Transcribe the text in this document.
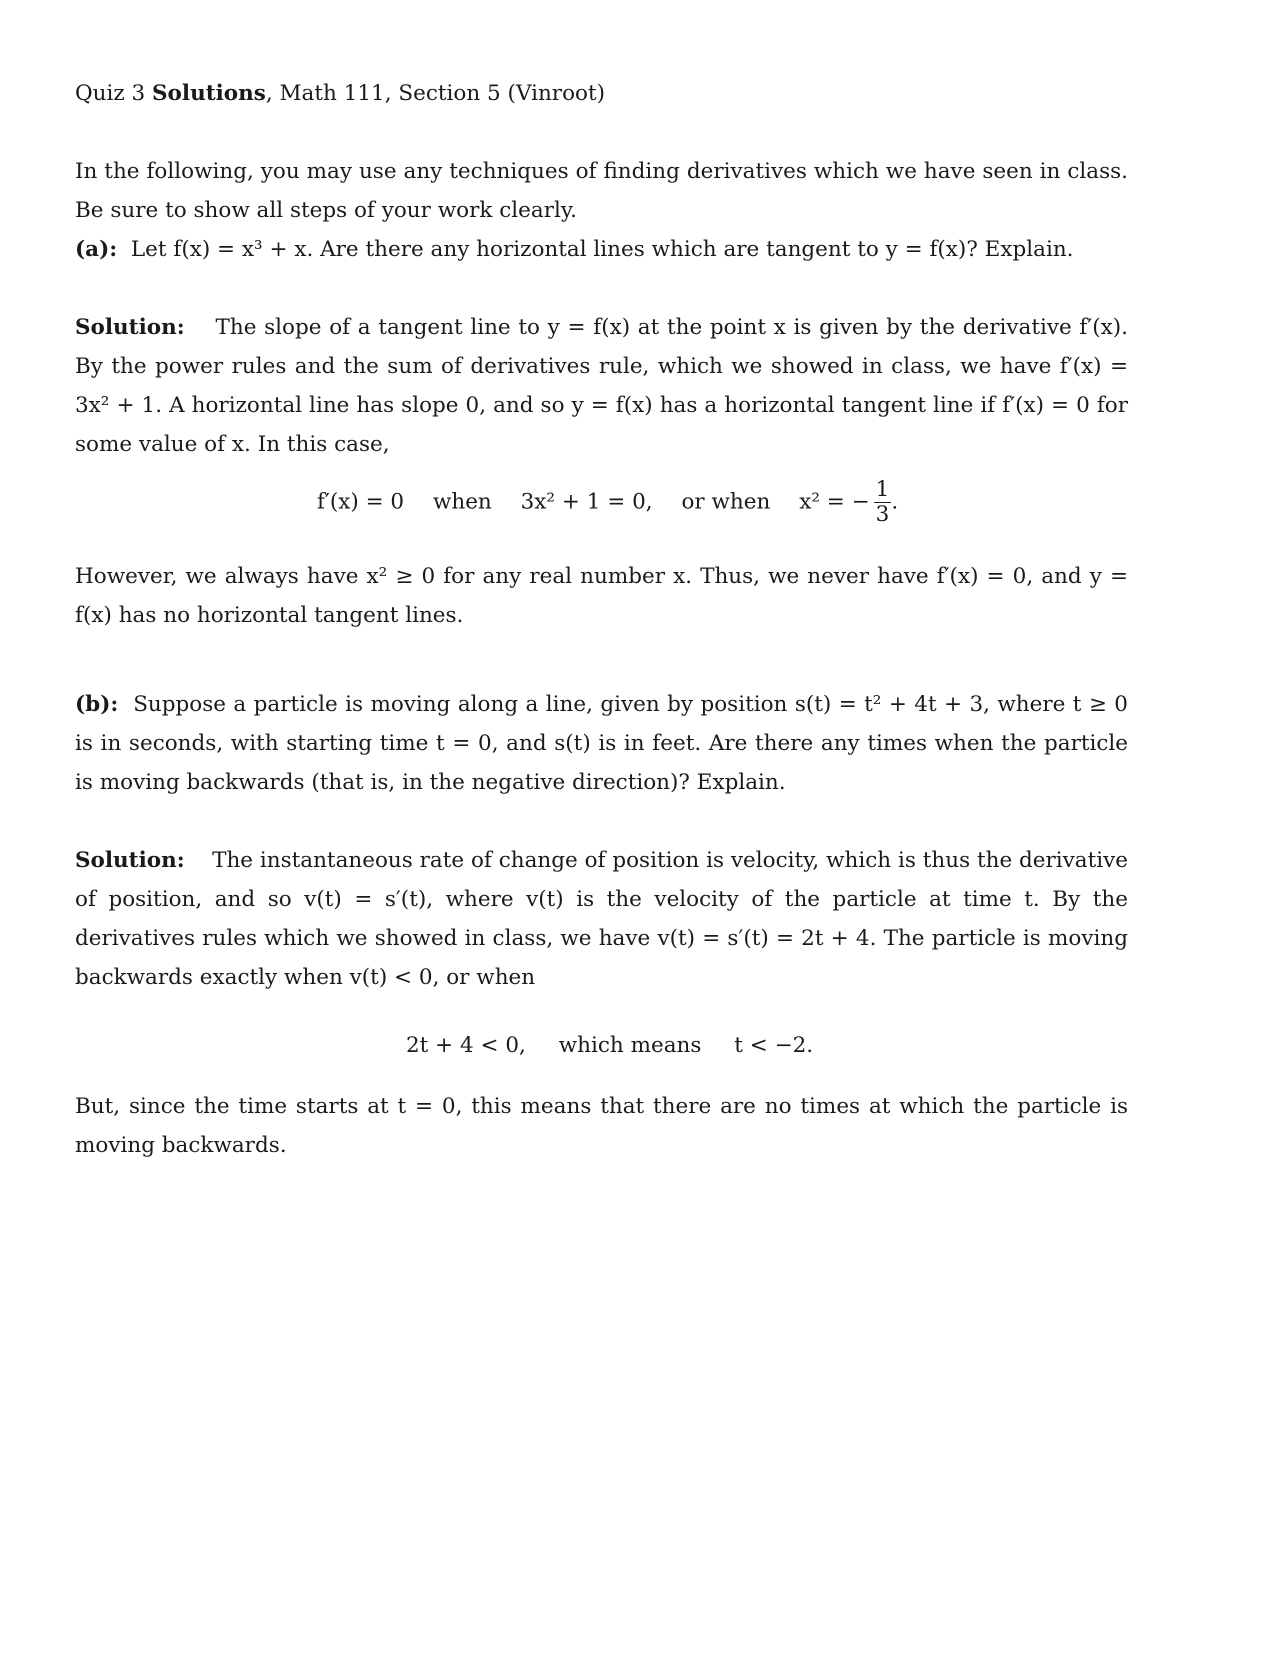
Quiz 3 Solutions, Math 111, Section 5 (Vinroot)
In the following, you may use any techniques of finding derivatives which we have seen in class. Be sure to show all steps of your work clearly.
(a): Let f(x) = x³ + x. Are there any horizontal lines which are tangent to y = f(x)? Explain.
Solution: The slope of a tangent line to y = f(x) at the point x is given by the derivative f′(x). By the power rules and the sum of derivatives rule, which we showed in class, we have f′(x) = 3x² + 1. A horizontal line has slope 0, and so y = f(x) has a horizontal tangent line if f′(x) = 0 for some value of x. In this case,
f′(x) = 0 when 3x² + 1 = 0, or when x² = − $\frac{1}{3}$ .
However, we always have x² ≥ 0 for any real number x. Thus, we never have f′(x) = 0, and y = f(x) has no horizontal tangent lines.
(b): Suppose a particle is moving along a line, given by position s(t) = t² + 4t + 3, where t ≥ 0 is in seconds, with starting time t = 0, and s(t) is in feet. Are there any times when the particle is moving backwards (that is, in the negative direction)? Explain.
Solution: The instantaneous rate of change of position is velocity, which is thus the derivative of position, and so v(t) = s′(t), where v(t) is the velocity of the particle at time t. By the derivatives rules which we showed in class, we have v(t) = s′(t) = 2t + 4. The particle is moving backwards exactly when v(t) < 0, or when
2t + 4 < 0, which means t < −2.
But, since the time starts at t = 0, this means that there are no times at which the particle is moving backwards.
